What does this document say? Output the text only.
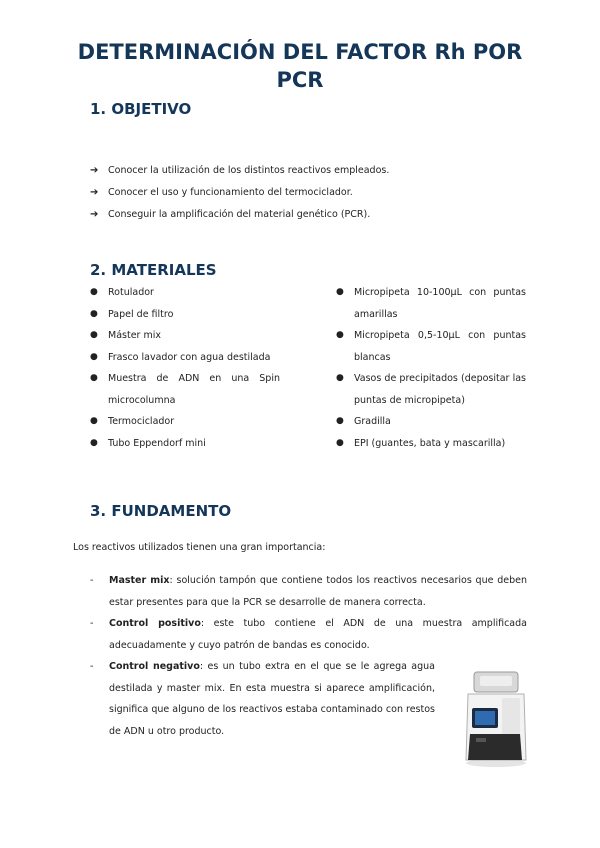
DETERMINACIÓN DEL FACTOR Rh POR PCR
1. OBJETIVO
➔	Conocer la utilización de los distintos reactivos empleados.
➔	Conocer el uso y funcionamiento del termociclador.
➔	Conseguir la amplificación del material genético (PCR).
2. MATERIALES
●	Rotulador
●	Papel de filtro
●	Máster mix
●	Frasco lavador con agua destilada
●	Muestra de ADN en una Spin microcolumna
●	Termociclador
●	Tubo Eppendorf mini
●	Micropipeta 10-100µL con puntas amarillas
●	Micropipeta 0,5-10µL con puntas blancas
●	Vasos de precipitados (depositar las puntas de micropipeta)
●	Gradilla
●	EPI (guantes, bata y mascarilla)
3. FUNDAMENTO
Los reactivos utilizados tienen una gran importancia:
-	Master mix: solución tampón que contiene todos los reactivos necesarios que deben estar presentes para que la PCR se desarrolle de manera correcta.
-	Control positivo: este tubo contiene el ADN de una muestra amplificada adecuadamente y cuyo patrón de bandas es conocido.
-	Control negativo: es un tubo extra en el que se le agrega agua destilada y master mix. En esta muestra si aparece amplificación, significa que alguno de los reactivos estaba contaminado con restos de ADN u otro producto.
